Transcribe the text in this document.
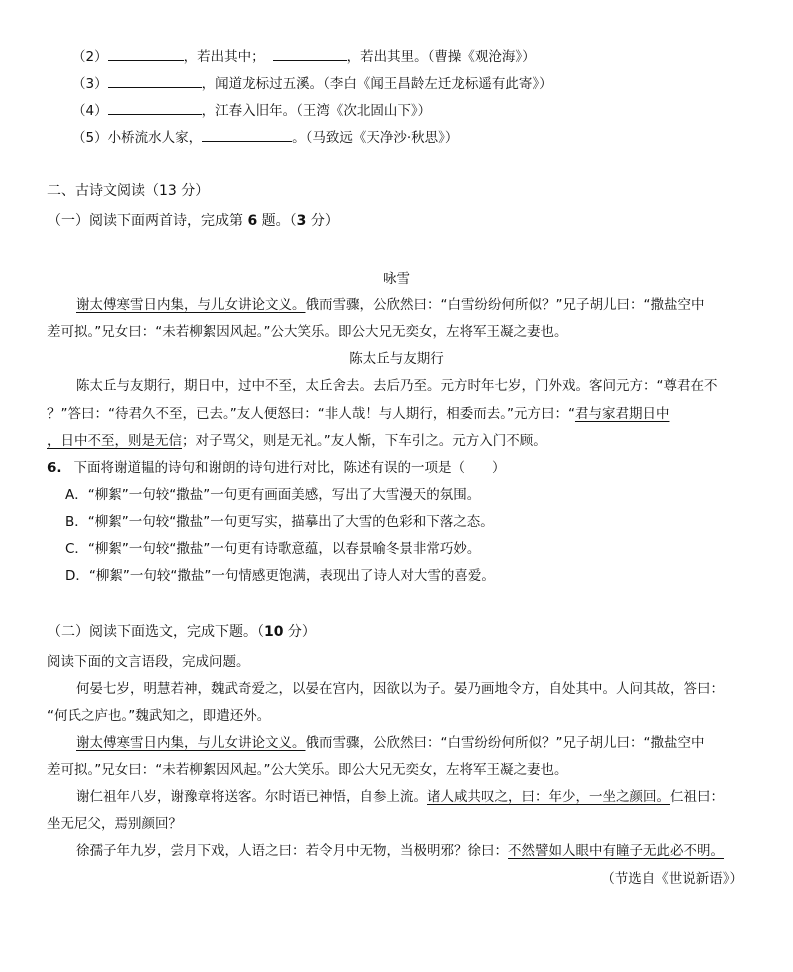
（2）	，若出其中；	，若出其里。（曹操《观沧海》）
（3）	，闻道龙标过五溪。（李白《闻王昌龄左迁龙标遥有此寄》）
（4）	，江春入旧年。（王湾《次北固山下》）
（5）小桥流水人家，	。（马致远《天净沙·秋思》）
二、古诗文阅读（13 分）
（一）阅读下面两首诗，完成第 6 题。（3 分）
咏雪
谢太傅寒雪日内集，与儿女讲论文义。俄而雪骤，公欣然曰：“白雪纷纷何所似？”兄子胡儿曰：“撒盐空中
差可拟。”兄女曰：“未若柳絮因风起。”公大笑乐。即公大兄无奕女，左将军王凝之妻也。
陈太丘与友期行
陈太丘与友期行，期日中，过中不至，太丘舍去。去后乃至。元方时年七岁，门外戏。客问元方：“尊君在不
？”答曰：“待君久不至，已去。”友人便怒曰：“非人哉！与人期行，相委而去。”元方曰：“君与家君期日中
，日中不至，则是无信；对子骂父，则是无礼。”友人惭，下车引之。元方入门不顾。
6. 下面将谢道韫的诗句和谢朗的诗句进行对比，陈述有误的一项是（　　）
A．“柳絮”一句较“撒盐”一句更有画面美感，写出了大雪漫天的氛围。
B．“柳絮”一句较“撒盐”一句更写实，描摹出了大雪的色彩和下落之态。
C．“柳絮”一句较“撒盐”一句更有诗歌意蕴，以春景喻冬景非常巧妙。
D．“柳絮”一句较“撒盐”一句情感更饱满，表现出了诗人对大雪的喜爱。
（二）阅读下面选文，完成下题。（10 分）
阅读下面的文言语段，完成问题。
何晏七岁，明慧若神，魏武奇爱之，以晏在宫内，因欲以为子。晏乃画地令方，自处其中。人问其故，答曰：
“何氏之庐也。”魏武知之，即遣还外。
谢太傅寒雪日内集，与儿女讲论文义。俄而雪骤，公欣然曰：“白雪纷纷何所似？”兄子胡儿曰：“撒盐空中
差可拟。”兄女曰：“未若柳絮因风起。”公大笑乐。即公大兄无奕女，左将军王凝之妻也。
谢仁祖年八岁，谢豫章将送客。尔时语已神悟，自参上流。诸人咸共叹之，曰：年少，一坐之颜回。仁祖曰：
坐无尼父，焉别颜回？
徐孺子年九岁，尝月下戏，人语之曰：若令月中无物，当极明邪？徐曰：不然譬如人眼中有瞳子无此必不明。
（节选自《世说新语》）
